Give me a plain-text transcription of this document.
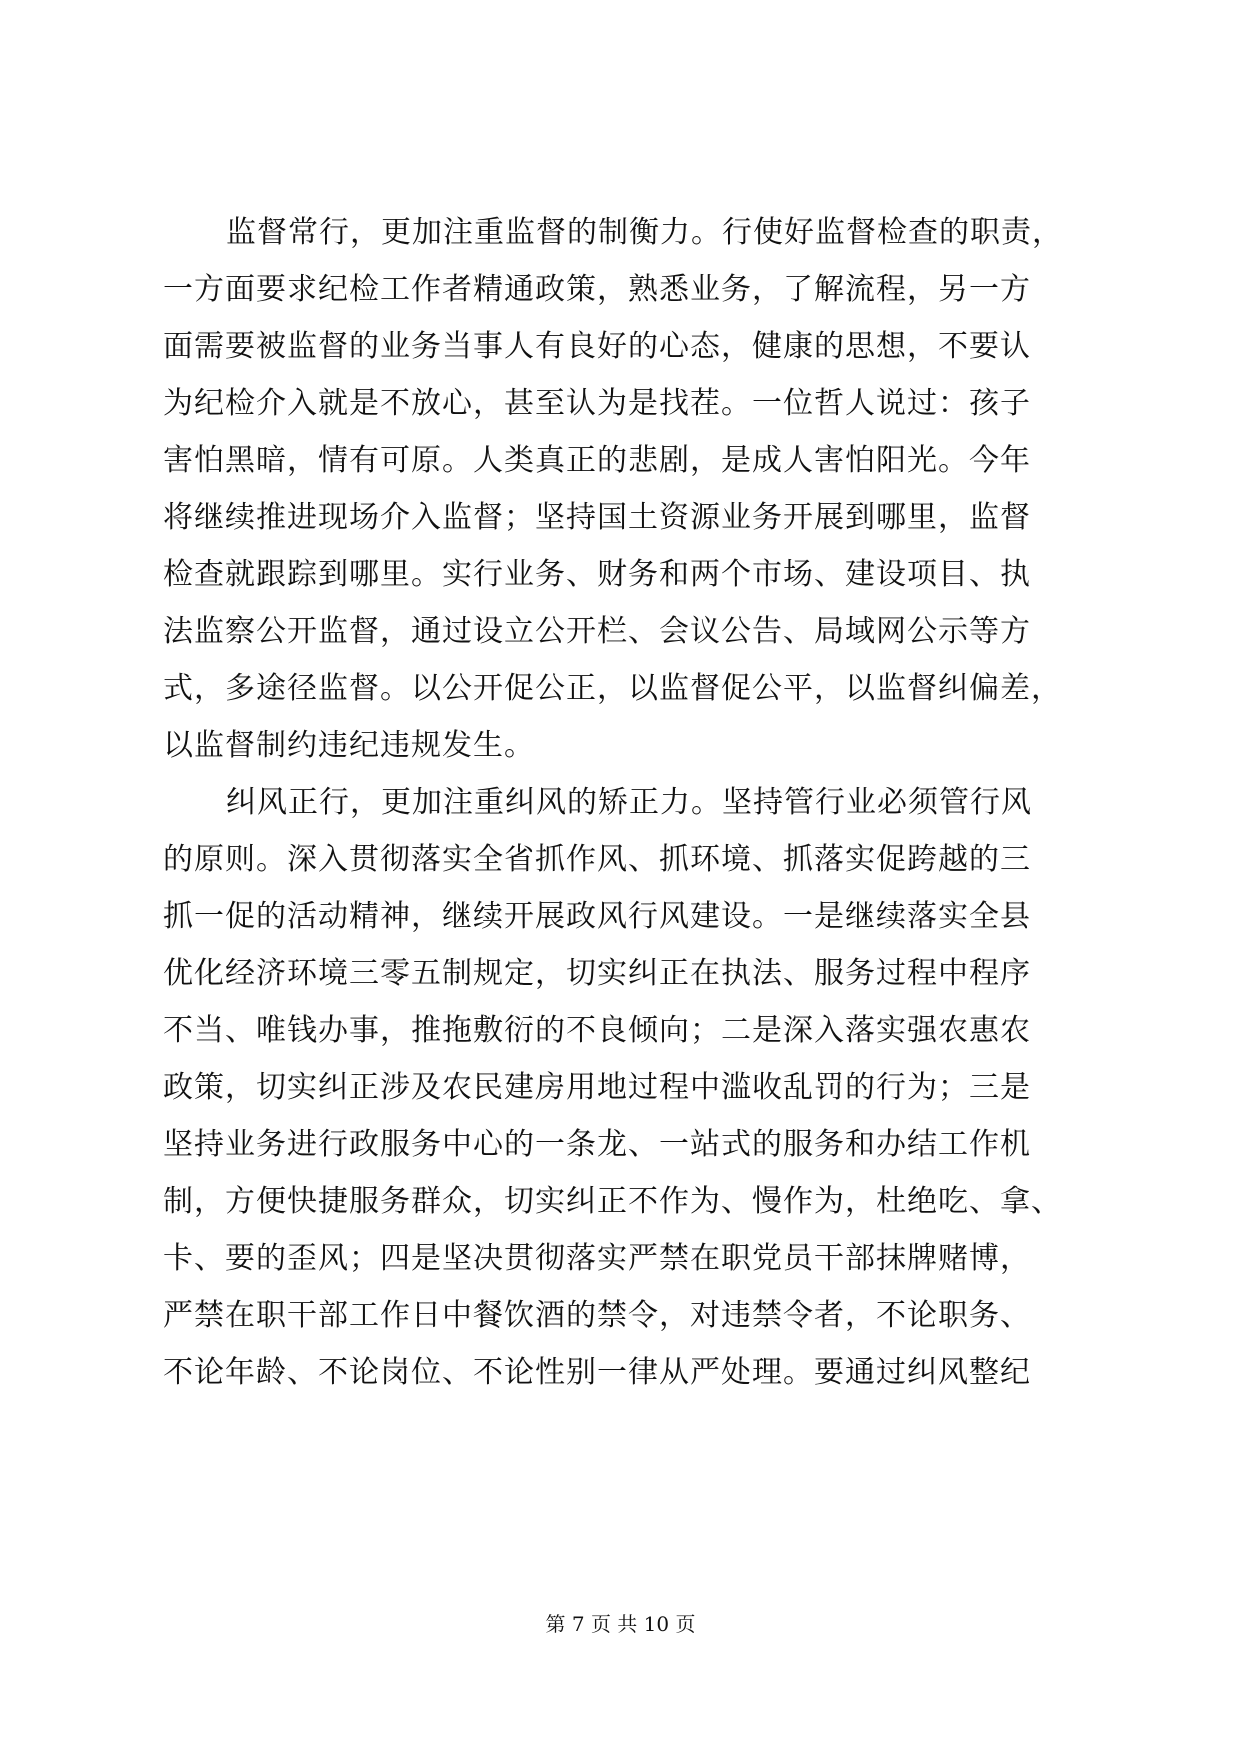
监督常行，更加注重监督的制衡力。行使好监督检查的职责，
一方面要求纪检工作者精通政策，熟悉业务，了解流程，另一方
面需要被监督的业务当事人有良好的心态，健康的思想，不要认
为纪检介入就是不放心，甚至认为是找茬。一位哲人说过：孩子
害怕黑暗，情有可原。人类真正的悲剧，是成人害怕阳光。今年
将继续推进现场介入监督；坚持国土资源业务开展到哪里，监督
检查就跟踪到哪里。实行业务、财务和两个市场、建设项目、执
法监察公开监督，通过设立公开栏、会议公告、局域网公示等方
式，多途径监督。以公开促公正，以监督促公平，以监督纠偏差，
以监督制约违纪违规发生。
纠风正行，更加注重纠风的矫正力。坚持管行业必须管行风
的原则。深入贯彻落实全省抓作风、抓环境、抓落实促跨越的三
抓一促的活动精神，继续开展政风行风建设。一是继续落实全县
优化经济环境三零五制规定，切实纠正在执法、服务过程中程序
不当、唯钱办事，推拖敷衍的不良倾向；二是深入落实强农惠农
政策，切实纠正涉及农民建房用地过程中滥收乱罚的行为；三是
坚持业务进行政服务中心的一条龙、一站式的服务和办结工作机
制，方便快捷服务群众，切实纠正不作为、慢作为，杜绝吃、拿、
卡、要的歪风；四是坚决贯彻落实严禁在职党员干部抹牌赌博，
严禁在职干部工作日中餐饮酒的禁令，对违禁令者，不论职务、
不论年龄、不论岗位、不论性别一律从严处理。要通过纠风整纪
第 7 页 共 10 页
